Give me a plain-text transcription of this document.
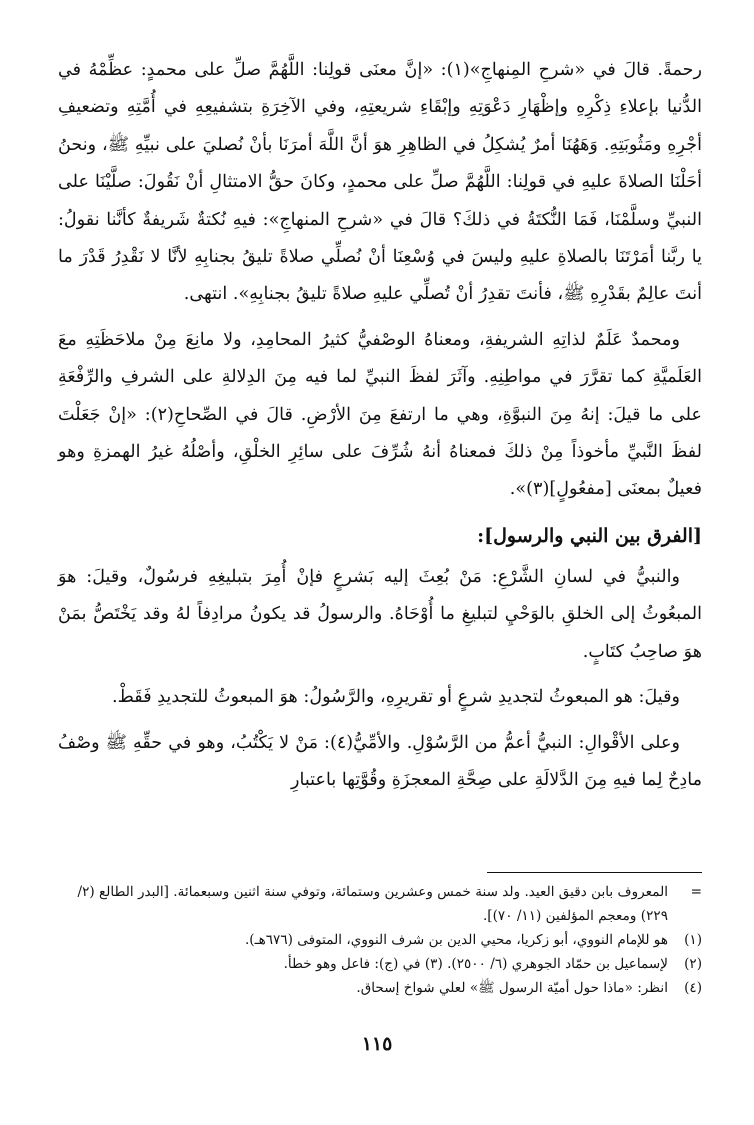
رحمةً. قالَ في «شرحِ المِنهاجِ»(١): «إنَّ معنَى قولِنا: اللَّهُمَّ صلِّ على محمدٍ: عظِّمْهُ في الدُّنيا بإعلاءِ ذِكْرِهِ وإظْهَارِ دَعْوَتِهِ وإبْقَاءِ شريعتِهِ، وفي الآخِرَةِ بتشفيعِهِ في أُمَّتِهِ وتضعيفِ أجْرِهِ ومَثُوبَتِهِ. وَهَهُنَا أمرٌ يُشكِلُ في الظاهِرِ هوَ أنَّ اللَّهَ أمرَنَا بأنْ نُصليَ على نبيِّهِ ﷺ، ونحنُ أحَلْنَا الصلاةَ عليهِ في قولِنا: اللَّهُمَّ صلِّ على محمدٍ، وكانَ حقُّ الامتثالِ أنْ نَقُولَ: صلَّيْنَا على النبيِّ وسلَّمْنَا، فَمَا النُّكتَةُ في ذلكَ؟ قالَ في «شرحِ المنهاجِ»: فيهِ نُكتةٌ شَريفةٌ كأنَّنا نقولُ: يا ربَّنا أمَرْتَنَا بالصلاةِ عليهِ وليسَ في وُسْعِنَا أنْ نُصلِّي صلاةً تليقُ بجنابِهِ لأنَّا لا نَقْدِرُ قَدْرَ ما أنتَ عالِمٌ بقَدْرِهِ ﷺ، فأنتَ تقدِرُ أنْ تُصلِّي عليهِ صلاةً تليقُ بجنابِهِ». انتهى.

ومحمدٌ عَلَمٌ لذاتِهِ الشريفةِ، ومعناهُ الوصْفيُّ كثيرُ المحامِدِ، ولا مانِعَ مِنْ ملاحَظَتِهِ معَ العَلَميَّةِ كما تقرَّرَ في مواطِنِهِ. وآثَرَ لفظَ النبيِّ لما فيه مِنَ الدِلالةِ على الشرفِ والرِّفْعَةِ على ما قيلَ: إنهُ مِنَ النبوَّةِ، وهي ما ارتفعَ مِنَ الأرْضِ. قالَ في الصِّحاحِ(٢): «إنْ جَعَلْتَ لفظَ النَّبيِّ مأخوذاً مِنْ ذلكَ فمعناهُ أنهُ شُرِّفَ على سائِرِ الخلْقِ، وأصْلُهُ غيرُ الهمزةِ وهو فعيلٌ بمعنَى [مفعُولٍ](٣)».

[الفرق بين النبي والرسول]:

والنبيُّ في لسانِ الشَّرْعِ: مَنْ بُعِثَ إليه بَشرعٍ فإنْ أُمِرَ بتبليغِهِ فرسُولٌ، وقيلَ: هوَ المبعُوثُ إلى الخلقِ بالوَحْيِ لتبليغِ ما أُوْحَاهُ. والرسولُ قد يكونُ مرادِفاً لهُ وقد يَخْتَصُّ بمَنْ هوَ صاحِبُ كتَابٍ.

وقيلَ: هو المبعوثُ لتجديدِ شرعٍ أو تقريرِهِ، والرَّسُولُ: هوَ المبعوثُ للتجديدِ فَقَطْ.

وعلى الأقْوالِ: النبيُّ أعمُّ من الرَّسُوْلِ. والأمِّيُّ(٤): مَنْ لا يَكْتُبُ، وهو في حقِّهِ ﷺ وصْفُ مادِحٌ لِما فيهِ مِنَ الدَّلالَةِ على صِحَّةِ المعجزَةِ وقُوَّتِها باعتبارِ

=
المعروف بابن دقيق العيد. ولد سنة خمس وعشرين وستمائة، وتوفي سنة اثنين وسبعمائة. [البدر الطالع (٢/ ٢٢٩) ومعجم المؤلفين (١١/ ٧٠)].
(١)
هو للإمام النووي، أبو زكريا، محيي الدين بن شرف النووي، المتوفى (٦٧٦هـ).
(٢)
لإسماعيل بن حمّاد الجوهري (٦/ ٢٥٠٠). (٣) في (ج): فاعل وهو خطأ.
(٤)
انظر: «ماذا حول أميّة الرسول ﷺ» لعلي شواخ إسحاق.
١١٥
